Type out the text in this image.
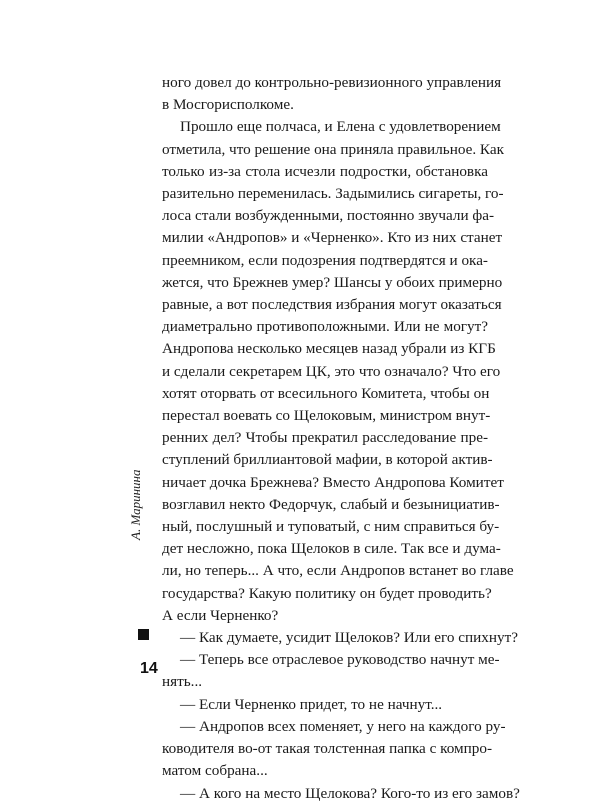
ного довел до контрольно-ревизионного управления
в Мосгорисполкоме.
Прошло еще полчаса, и Елена с удовлетворением
отметила, что решение она приняла правильное. Как
только из-за стола исчезли подростки, обстановка
разительно переменилась. Задымились сигареты, го-
лоса стали возбужденными, постоянно звучали фа-
милии «Андропов» и «Черненко». Кто из них станет
преемником, если подозрения подтвердятся и ока-
жется, что Брежнев умер? Шансы у обоих примерно
равные, а вот последствия избрания могут оказаться
диаметрально противоположными. Или не могут?
Андропова несколько месяцев назад убрали из КГБ
и сделали секретарем ЦК, это что означало? Что его
хотят оторвать от всесильного Комитета, чтобы он
перестал воевать со Щелоковым, министром внут-
ренних дел? Чтобы прекратил расследование пре-
ступлений бриллиантовой мафии, в которой актив-
ничает дочка Брежнева? Вместо Андропова Комитет
возглавил некто Федорчук, слабый и безынициатив-
ный, послушный и туповатый, с ним справиться бу-
дет несложно, пока Щелоков в силе. Так все и дума-
ли, но теперь... А что, если Андропов встанет во главе
государства? Какую политику он будет проводить?
А если Черненко?
— Как думаете, усидит Щелоков? Или его спихнут?
— Теперь все отраслевое руководство начнут ме-
нять...
— Если Черненко придет, то не начнут...
— Андропов всех поменяет, у него на каждого ру-
ководителя во-от такая толстенная папка с компро-
матом собрана...
— А кого на место Щелокова? Кого-то из его замов?
А. Маринина
14
